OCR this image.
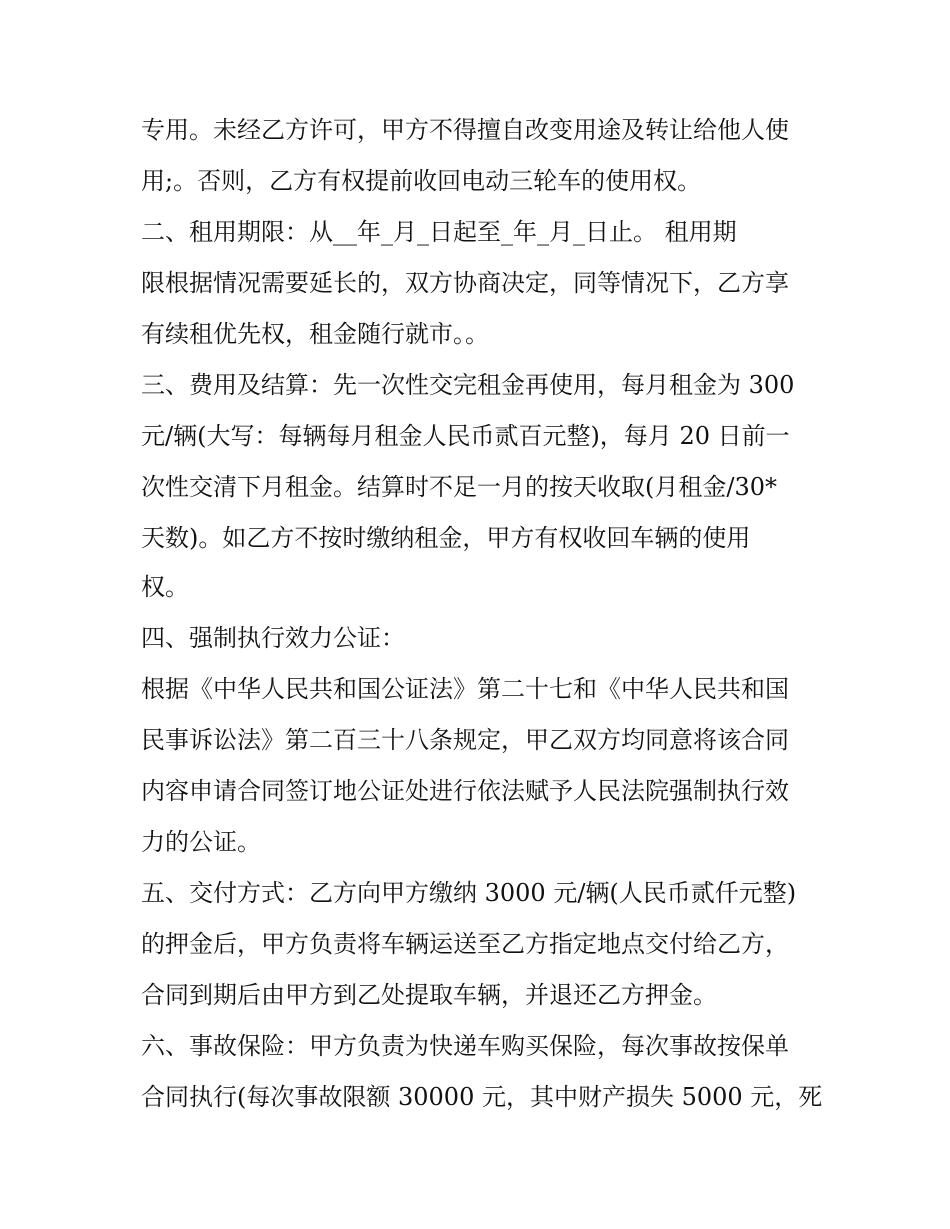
专用。未经乙方许可，甲方不得擅自改变用途及转让给他人使
用;。否则，乙方有权提前收回电动三轮车的使用权。
二、租用期限：从__年_月_日起至_年_月_日止。 租用期
限根据情况需要延长的，双方协商决定，同等情况下，乙方享
有续租优先权，租金随行就市。。
三、费用及结算：先一次性交完租金再使用，每月租金为 300
元/辆(大写：每辆每月租金人民币贰百元整)，每月 20 日前一
次性交清下月租金。结算时不足一月的按天收取(月租金/30*
天数)。如乙方不按时缴纳租金，甲方有权收回车辆的使用
权。
四、强制执行效力公证：
根据《中华人民共和国公证法》第二十七和《中华人民共和国
民事诉讼法》第二百三十八条规定，甲乙双方均同意将该合同
内容申请合同签订地公证处进行依法赋予人民法院强制执行效
力的公证。
五、交付方式：乙方向甲方缴纳 3000 元/辆(人民币贰仟元整)
的押金后，甲方负责将车辆运送至乙方指定地点交付给乙方，
合同到期后由甲方到乙处提取车辆，并退还乙方押金。
六、事故保险：甲方负责为快递车购买保险，每次事故按保单
合同执行(每次事故限额 30000 元，其中财产损失 5000 元，死
